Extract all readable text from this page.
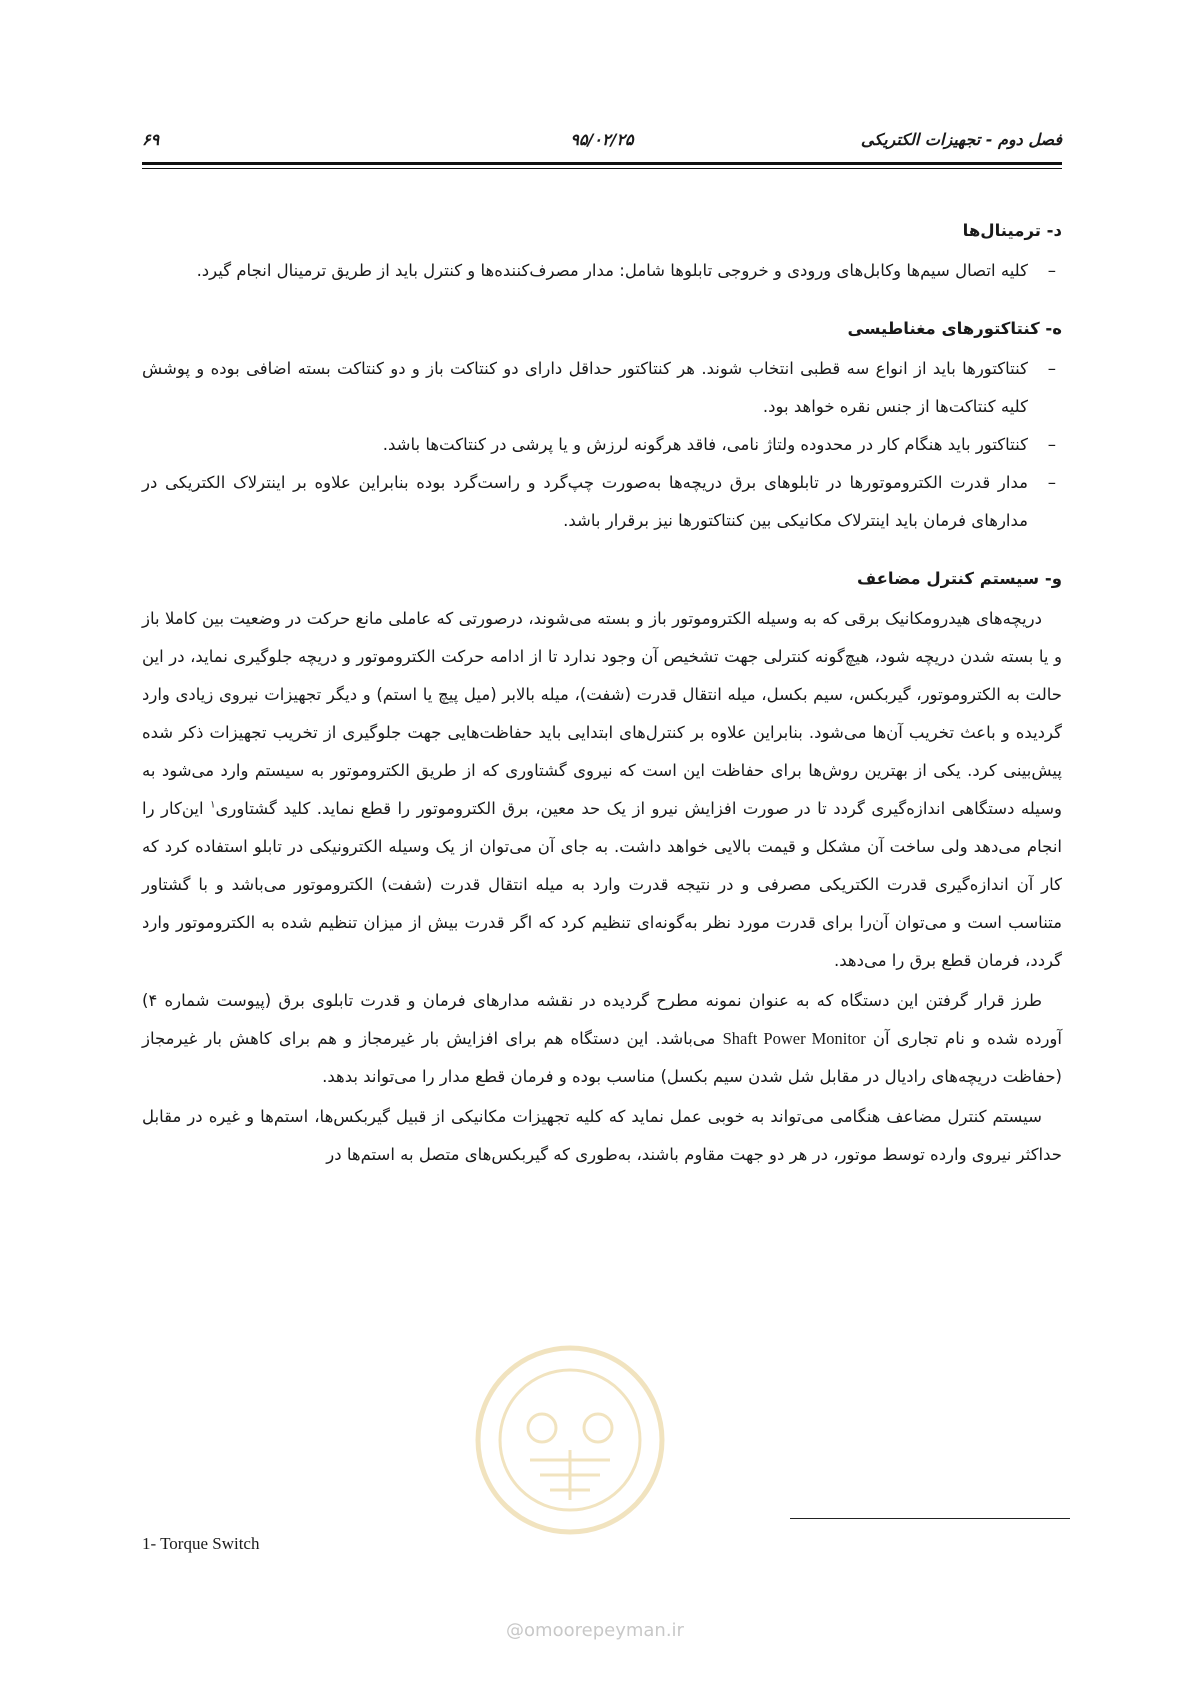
فصل دوم - تجهیزات الکتریکی
۹۵/۰۲/۲۵
۶۹
د- ترمینال‌ها
–
کلیه اتصال سیم‌ها وکابل‌های ورودی و خروجی تابلوها شامل: مدار مصرف‌کننده‌ها و کنترل باید از طریق ترمینال انجام گیرد.
ه- کنتاکتورهای مغناطیسی
–
کنتاکتورها باید از انواع سه قطبی انتخاب شوند. هر کنتاکتور حداقل دارای دو کنتاکت باز و دو کنتاکت بسته اضافی بوده و پوشش کلیه کنتاکت‌ها از جنس نقره خواهد بود.
–
کنتاکتور باید هنگام کار در محدوده ولتاژ نامی، فاقد هرگونه لرزش و یا پرشی در کنتاکت‌ها باشد.
–
مدار قدرت الکتروموتورها در تابلوهای برق دریچه‌ها به‌صورت چپ‌گرد و راست‌گرد بوده بنابراین علاوه بر اینترلاک الکتریکی در مدارهای فرمان باید اینترلاک مکانیکی بین کنتاکتورها نیز برقرار باشد.
و- سیستم کنترل مضاعف

دریچه‌های هیدرومکانیک برقی که به وسیله الکتروموتور باز و بسته می‌شوند، درصورتی که عاملی مانع حرکت در وضعیت بین کاملا باز و یا بسته شدن دریچه شود، هیچ‌گونه کنترلی جهت تشخیص آن وجود ندارد تا از ادامه حرکت الکتروموتور و دریچه جلوگیری نماید، در این حالت به الکتروموتور، گیربکس، سیم بکسل، میله انتقال قدرت (شفت)، میله بالابر (میل پیچ یا استم) و دیگر تجهیزات نیروی زیادی وارد گردیده و باعث تخریب آن‌ها می‌شود. بنابراین علاوه بر کنترل‌های ابتدایی باید حفاظت‌هایی جهت جلوگیری از تخریب تجهیزات ذکر شده پیش‌بینی کرد. یکی از بهترین روش‌ها برای حفاظت این است که نیروی گشتاوری که از طریق الکتروموتور به سیستم وارد می‌شود به وسیله دستگاهی اندازه‌گیری گردد تا در صورت افزایش نیرو از یک حد معین، برق الکتروموتور را قطع نماید. کلید گشتاوری$^۱$ این‌کار را انجام می‌دهد ولی ساخت آن مشکل و قیمت بالایی خواهد داشت. به جای آن می‌توان از یک وسیله الکترونیکی در تابلو استفاده کرد که کار آن اندازه‌گیری قدرت الکتریکی مصرفی و در نتیجه قدرت وارد به میله انتقال قدرت (شفت) الکتروموتور می‌باشد و با گشتاور متناسب است و می‌توان آن‌را برای قدرت مورد نظر به‌گونه‌ای تنظیم کرد که اگر قدرت بیش از میزان تنظیم شده به الکتروموتور وارد گردد، فرمان قطع برق را می‌دهد.

طرز قرار گرفتن این دستگاه که به عنوان نمونه مطرح گردیده در نقشه مدارهای فرمان و قدرت تابلوی برق (پیوست شماره ۴) آورده شده و نام تجاری آن Shaft Power Monitor می‌باشد. این دستگاه هم برای افزایش بار غیرمجاز و هم برای کاهش بار غیرمجاز (حفاظت دریچه‌های رادیال در مقابل شل شدن سیم بکسل) مناسب بوده و فرمان قطع مدار را می‌تواند بدهد.

سیستم کنترل مضاعف هنگامی می‌تواند به خوبی عمل نماید که کلیه تجهیزات مکانیکی از قبیل گیربکس‌ها، استم‌ها و غیره در مقابل حداکثر نیروی وارده توسط موتور، در هر دو جهت مقاوم باشند، به‌طوری که گیربکس‌های متصل به استم‌ها در

1- Torque Switch
@omoorepeyman.ir
